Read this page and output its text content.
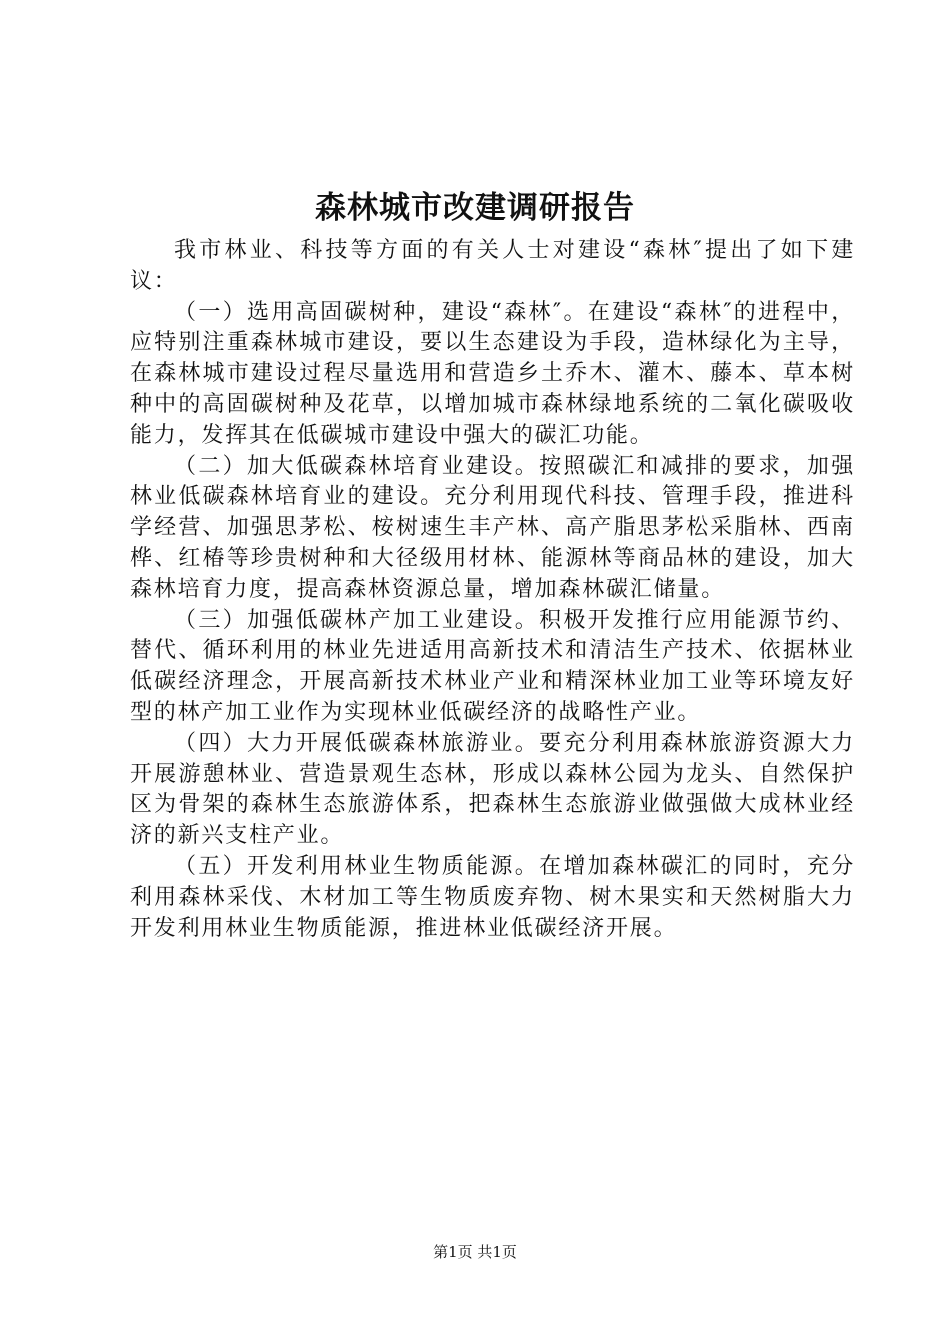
森林城市改建调研报告

我市林业、科技等方面的有关人士对建设“森林″提出了如下建议：

（一）选用高固碳树种，建设“森林″。在建设“森林″的进程中，应特别注重森林城市建设，要以生态建设为手段，造林绿化为主导，在森林城市建设过程尽量选用和营造乡土乔木、灌木、藤本、草本树种中的高固碳树种及花草，以增加城市森林绿地系统的二氧化碳吸收能力，发挥其在低碳城市建设中强大的碳汇功能。

（二）加大低碳森林培育业建设。按照碳汇和减排的要求，加强林业低碳森林培育业的建设。充分利用现代科技、管理手段，推进科学经营、加强思茅松、桉树速生丰产林、高产脂思茅松采脂林、西南桦、红椿等珍贵树种和大径级用材林、能源林等商品林的建设，加大森林培育力度，提高森林资源总量，增加森林碳汇储量。

（三）加强低碳林产加工业建设。积极开发推行应用能源节约、替代、循环利用的林业先进适用高新技术和清洁生产技术、依据林业低碳经济理念，开展高新技术林业产业和精深林业加工业等环境友好型的林产加工业作为实现林业低碳经济的战略性产业。

（四）大力开展低碳森林旅游业。要充分利用森林旅游资源大力开展游憩林业、营造景观生态林，形成以森林公园为龙头、自然保护区为骨架的森林生态旅游体系，把森林生态旅游业做强做大成林业经济的新兴支柱产业。

（五）开发利用林业生物质能源。在增加森林碳汇的同时，充分利用森林采伐、木材加工等生物质废弃物、树木果实和天然树脂大力开发利用林业生物质能源，推进林业低碳经济开展。

第1页 共1页
